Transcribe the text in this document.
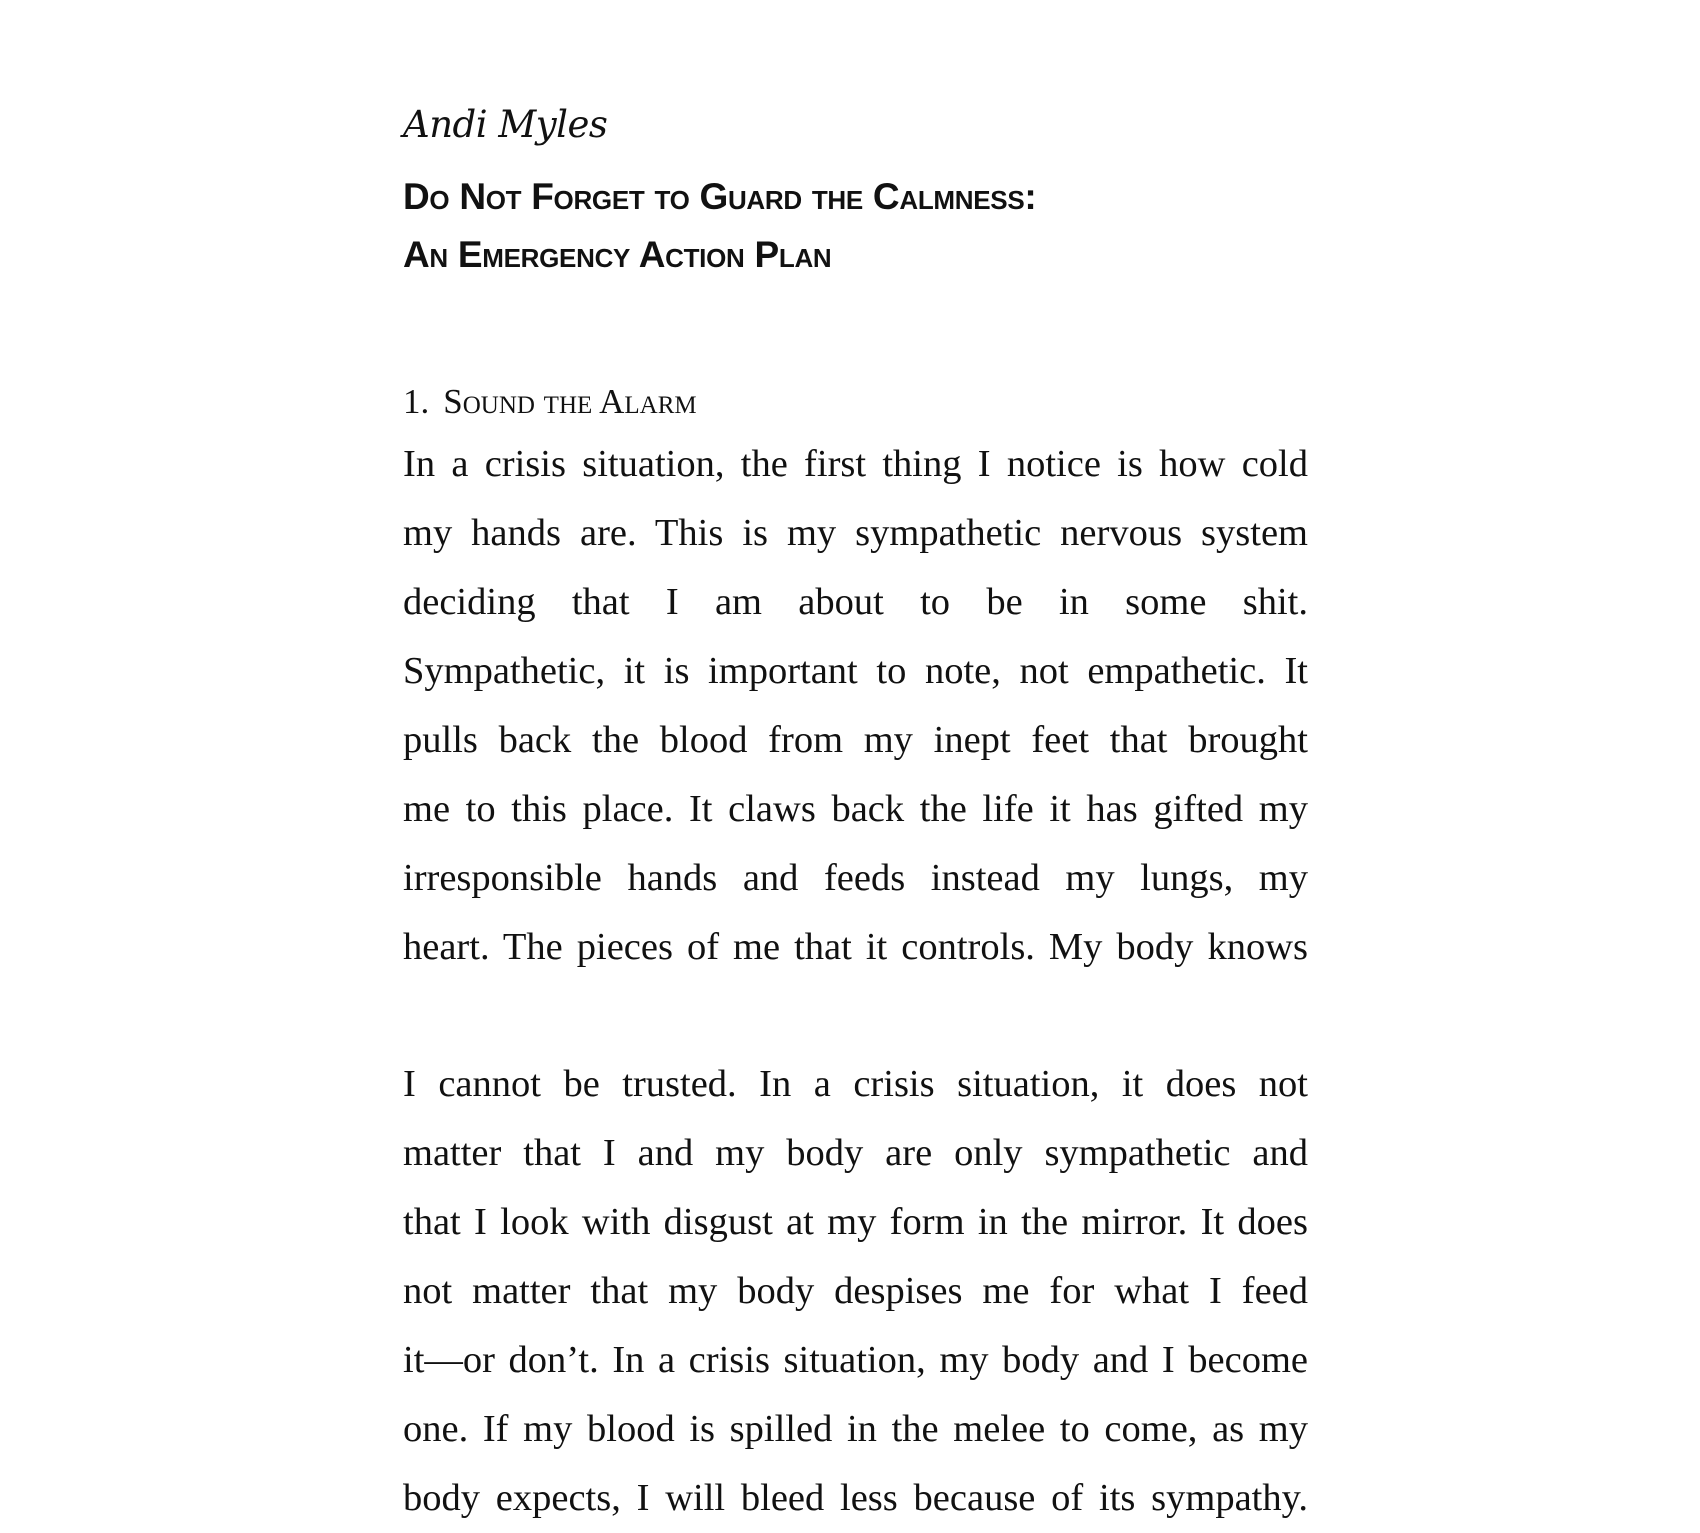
Andi Myles
Do Not Forget to Guard the Calmness:
An Emergency Action Plan
1. Sound the Alarm

In a crisis situation, the first thing I notice is how cold
my hands are. This is my sympathetic nervous system
deciding that I am about to be in some shit.
Sympathetic, it is important to note, not empathetic. It
pulls back the blood from my inept feet that brought
me to this place. It claws back the life it has gifted my
irresponsible hands and feeds instead my lungs, my
heart. The pieces of me that it controls. My body knows

I cannot be trusted. In a crisis situation, it does not
matter that I and my body are only sympathetic and
that I look with disgust at my form in the mirror. It does
not matter that my body despises me for what I feed
it—or don’t. In a crisis situation, my body and I become
one. If my blood is spilled in the melee to come, as my
body expects, I will bleed less because of its sympathy.
